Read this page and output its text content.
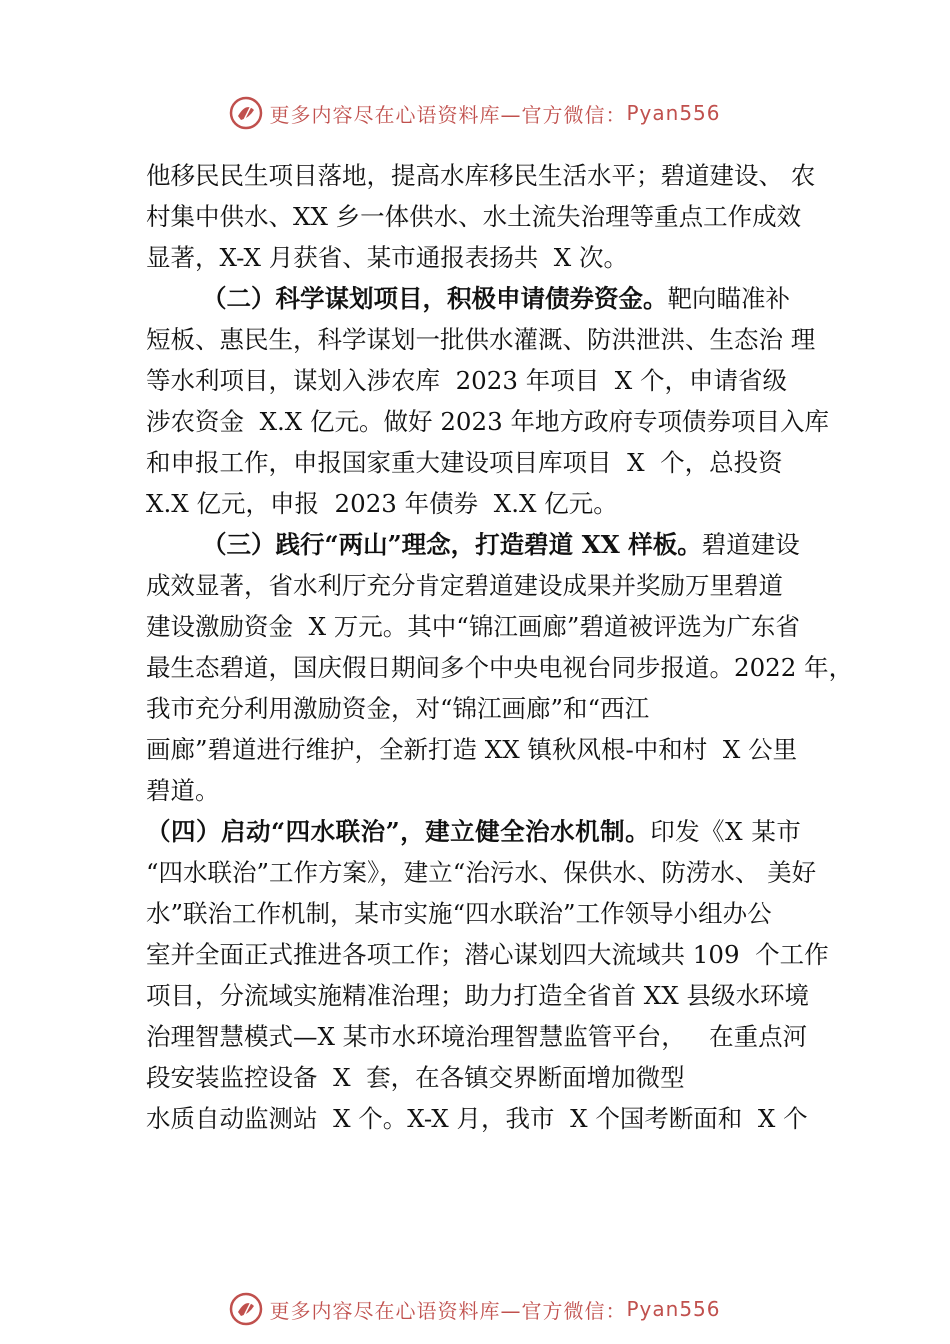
更多内容尽在心语资料库—官方微信： Pyan556
他移民民生项目落地，提高水库移民生活水平；碧道建设、 农
村集中供水、XX 乡一体供水、水土流失治理等重点工作成效
显著，X-X 月获省、某市通报表扬共  X 次。
（二）科学谋划项目，积极申请债券资金。靶向瞄准补
短板、惠民生，科学谋划一批供水灌溉、防洪泄洪、生态治 理
等水利项目，谋划入涉农库  2023 年项目  X 个，申请省级
涉农资金  X.X 亿元。做好 2023 年地方政府专项债券项目入库
和申报工作，申报国家重大建设项目库项目  X  个，总投资
X.X 亿元，申报  2023 年债券  X.X 亿元。
（三）践行“两山”理念，打造碧道 XX 样板。碧道建设
成效显著，省水利厅充分肯定碧道建设成果并奖励万里碧道
建设激励资金  X 万元。其中“锦江画廊”碧道被评选为广东省
最生态碧道，国庆假日期间多个中央电视台同步报道。2022 年，
我市充分利用激励资金，对“锦江画廊”和“西江
画廊”碧道进行维护，全新打造 XX 镇秋风根-中和村  X 公里
碧道。
（四）启动“四水联治”，建立健全治水机制。印发《X 某市
“四水联治”工作方案》，建立“治污水、保供水、防涝水、 美好
水”联治工作机制，某市实施“四水联治”工作领导小组办公
室并全面正式推进各项工作；潜心谋划四大流域共 109  个工作
项目，分流域实施精准治理；助力打造全省首 XX 县级水环境
治理智慧模式—X 某市水环境治理智慧监管平台，   在重点河
段安装监控设备  X  套，在各镇交界断面增加微型
水质自动监测站  X 个。X-X 月，我市  X 个国考断面和  X 个
更多内容尽在心语资料库—官方微信： Pyan556
